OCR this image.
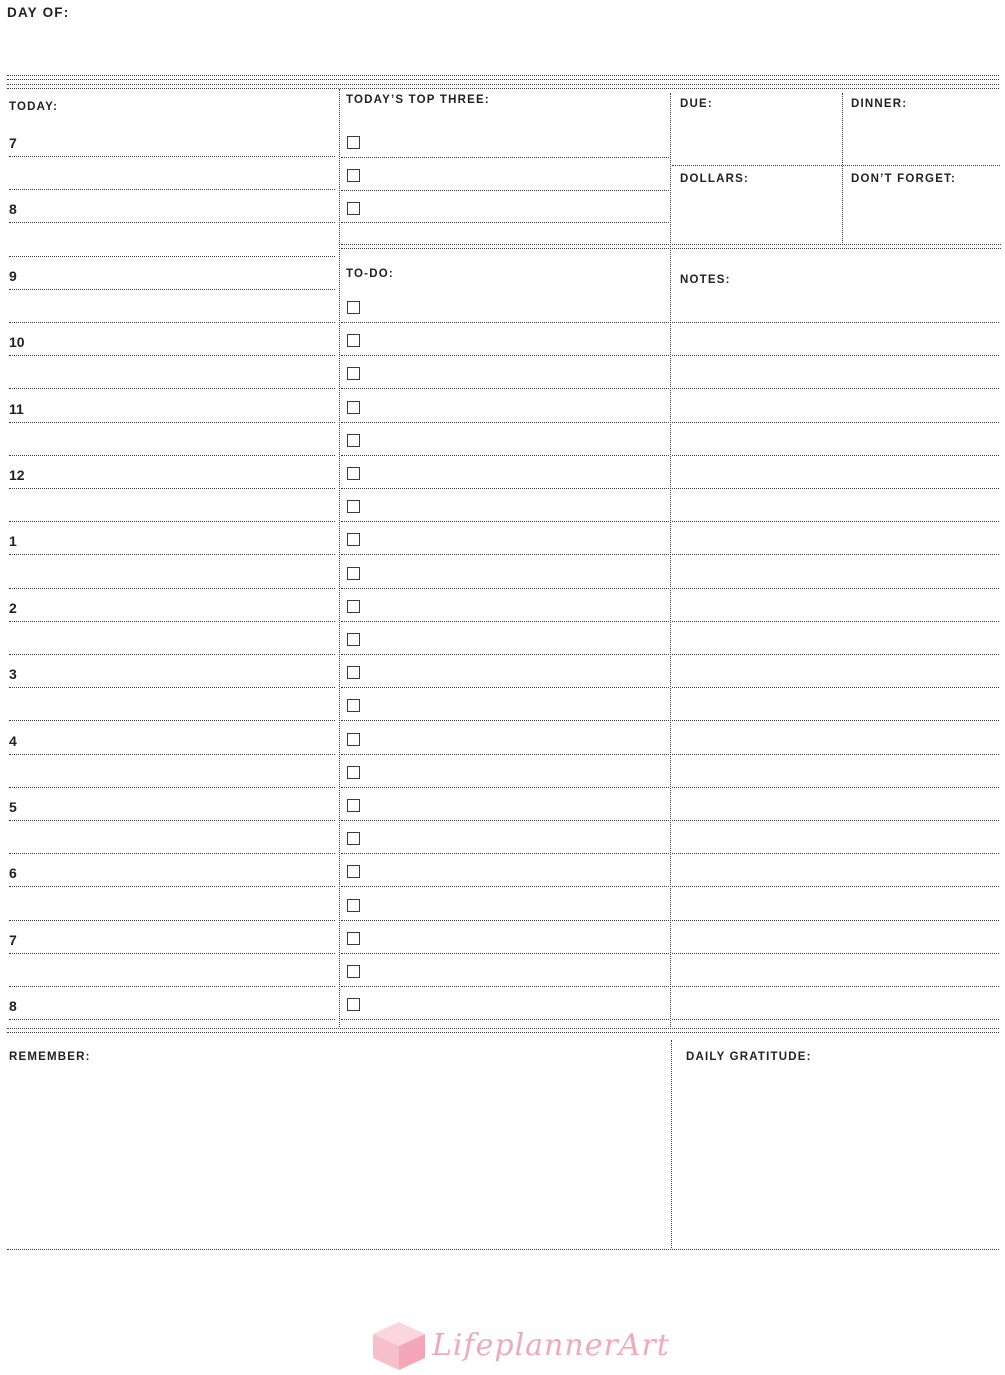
DAY OF:
TODAY:
TODAY’S TOP THREE:	DUE:	DINNER:
DOLLARS:	DON’T FORGET:
TO-DO:	NOTES:
7
8
9
10
11
12
1
2
3
4
5
6
7
8
REMEMBER:	DAILY GRATITUDE:
LifeplannerArt
